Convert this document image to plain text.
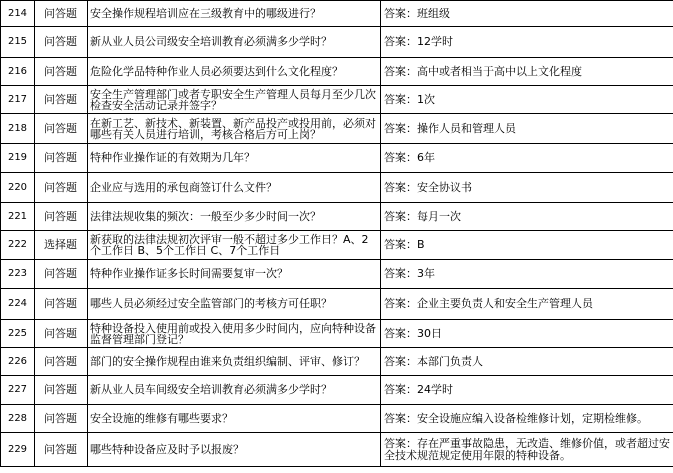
214	问答题	安全操作规程培训应在三级教育中的哪级进行？	答案：班组级
215	问答题	新从业人员公司级安全培训教育必须满多少学时？	答案：12学时
216	问答题	危险化学品特种作业人员必须要达到什么文化程度？	答案：高中或者相当于高中以上文化程度
217	问答题	安全生产管理部门或者专职安全生产管理人员每月至少几次检查安全活动记录并签字？	答案：1次
218	问答题	在新工艺、新技术、新装置、新产品投产或投用前，必须对哪些有关人员进行培训，考核合格后方可上岗？	答案：操作人员和管理人员
219	问答题	特种作业操作证的有效期为几年？	答案：6年
220	问答题	企业应与选用的承包商签订什么文件？	答案：安全协议书
221	问答题	法律法规收集的频次：一般至少多少时间一次？	答案：每月一次
222	选择题	新获取的法律法规初次评审一般不超过多少工作日？A、2个工作日 B、5个工作日 C、7个工作日	答案：B
223	问答题	特种作业操作证多长时间需要复审一次？	答案：3年
224	问答题	哪些人员必须经过安全监管部门的考核方可任职？	答案：企业主要负责人和安全生产管理人员
225	问答题	特种设备投入使用前或投入使用多少时间内，应向特种设备监督管理部门登记？	答案：30日
226	问答题	部门的安全操作规程由谁来负责组织编制、评审、修订？	答案：本部门负责人
227	问答题	新从业人员车间级安全培训教育必须满多少学时？	答案：24学时
228	问答题	安全设施的维修有哪些要求？	答案：安全设施应编入设备检维修计划，定期检维修。
229	问答题	哪些特种设备应及时予以报废？	答案：存在严重事故隐患，无改造、维修价值，或者超过安全技术规范规定使用年限的特种设备。
